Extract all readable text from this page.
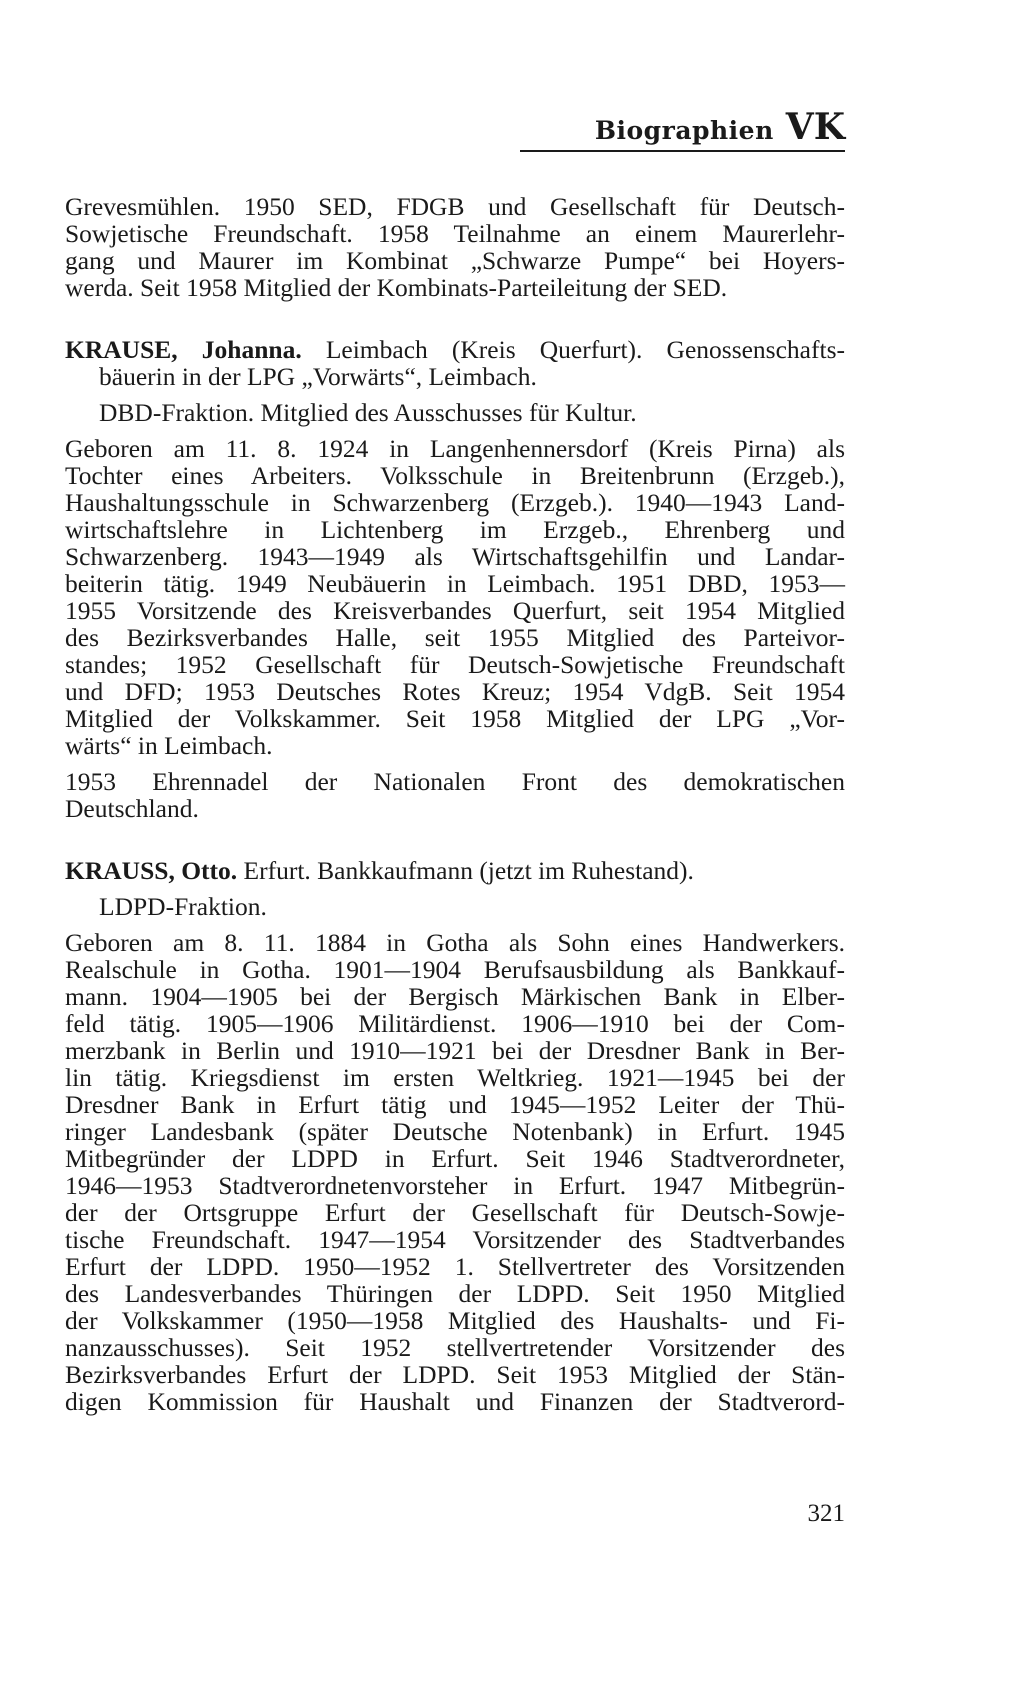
Biographien VK
Grevesmühlen. 1950 SED, FDGB und Gesellschaft für Deutsch-
Sowjetische Freundschaft. 1958 Teilnahme an einem Maurerlehr-
gang und Maurer im Kombinat „Schwarze Pumpe“ bei Hoyers-
werda. Seit 1958 Mitglied der Kombinats-Parteileitung der SED.
KRAUSE, Johanna. Leimbach (Kreis Querfurt). Genossenschafts-
bäuerin in der LPG „Vorwärts“, Leimbach.

DBD-Fraktion. Mitglied des Ausschusses für Kultur.

Geboren am 11. 8. 1924 in Langenhennersdorf (Kreis Pirna) als
Tochter eines Arbeiters. Volksschule in Breitenbrunn (Erzgeb.),
Haushaltungsschule in Schwarzenberg (Erzgeb.). 1940—1943 Land-
wirtschaftslehre in Lichtenberg im Erzgeb., Ehrenberg und
Schwarzenberg. 1943—1949 als Wirtschaftsgehilfin und Landar-
beiterin tätig. 1949 Neubäuerin in Leimbach. 1951 DBD, 1953—
1955 Vorsitzende des Kreisverbandes Querfurt, seit 1954 Mitglied
des Bezirksverbandes Halle, seit 1955 Mitglied des Parteivor-
standes; 1952 Gesellschaft für Deutsch-Sowjetische Freundschaft
und DFD; 1953 Deutsches Rotes Kreuz; 1954 VdgB. Seit 1954
Mitglied der Volkskammer. Seit 1958 Mitglied der LPG „Vor-
wärts“ in Leimbach.
1953 Ehrennadel der Nationalen Front des demokratischen
Deutschland.
KRAUSS, Otto. Erfurt. Bankkaufmann (jetzt im Ruhestand).

LDPD-Fraktion.

Geboren am 8. 11. 1884 in Gotha als Sohn eines Handwerkers.
Realschule in Gotha. 1901—1904 Berufsausbildung als Bankkauf-
mann. 1904—1905 bei der Bergisch Märkischen Bank in Elber-
feld tätig. 1905—1906 Militärdienst. 1906—1910 bei der Com-
merzbank in Berlin und 1910—1921 bei der Dresdner Bank in Ber-
lin tätig. Kriegsdienst im ersten Weltkrieg. 1921—1945 bei der
Dresdner Bank in Erfurt tätig und 1945—1952 Leiter der Thü-
ringer Landesbank (später Deutsche Notenbank) in Erfurt. 1945
Mitbegründer der LDPD in Erfurt. Seit 1946 Stadtverordneter,
1946—1953 Stadtverordnetenvorsteher in Erfurt. 1947 Mitbegrün-
der der Ortsgruppe Erfurt der Gesellschaft für Deutsch-Sowje-
tische Freundschaft. 1947—1954 Vorsitzender des Stadtverbandes
Erfurt der LDPD. 1950—1952 1. Stellvertreter des Vorsitzenden
des Landesverbandes Thüringen der LDPD. Seit 1950 Mitglied
der Volkskammer (1950—1958 Mitglied des Haushalts- und Fi-
nanzausschusses). Seit 1952 stellvertretender Vorsitzender des
Bezirksverbandes Erfurt der LDPD. Seit 1953 Mitglied der Stän-
digen Kommission für Haushalt und Finanzen der Stadtverord-
321
